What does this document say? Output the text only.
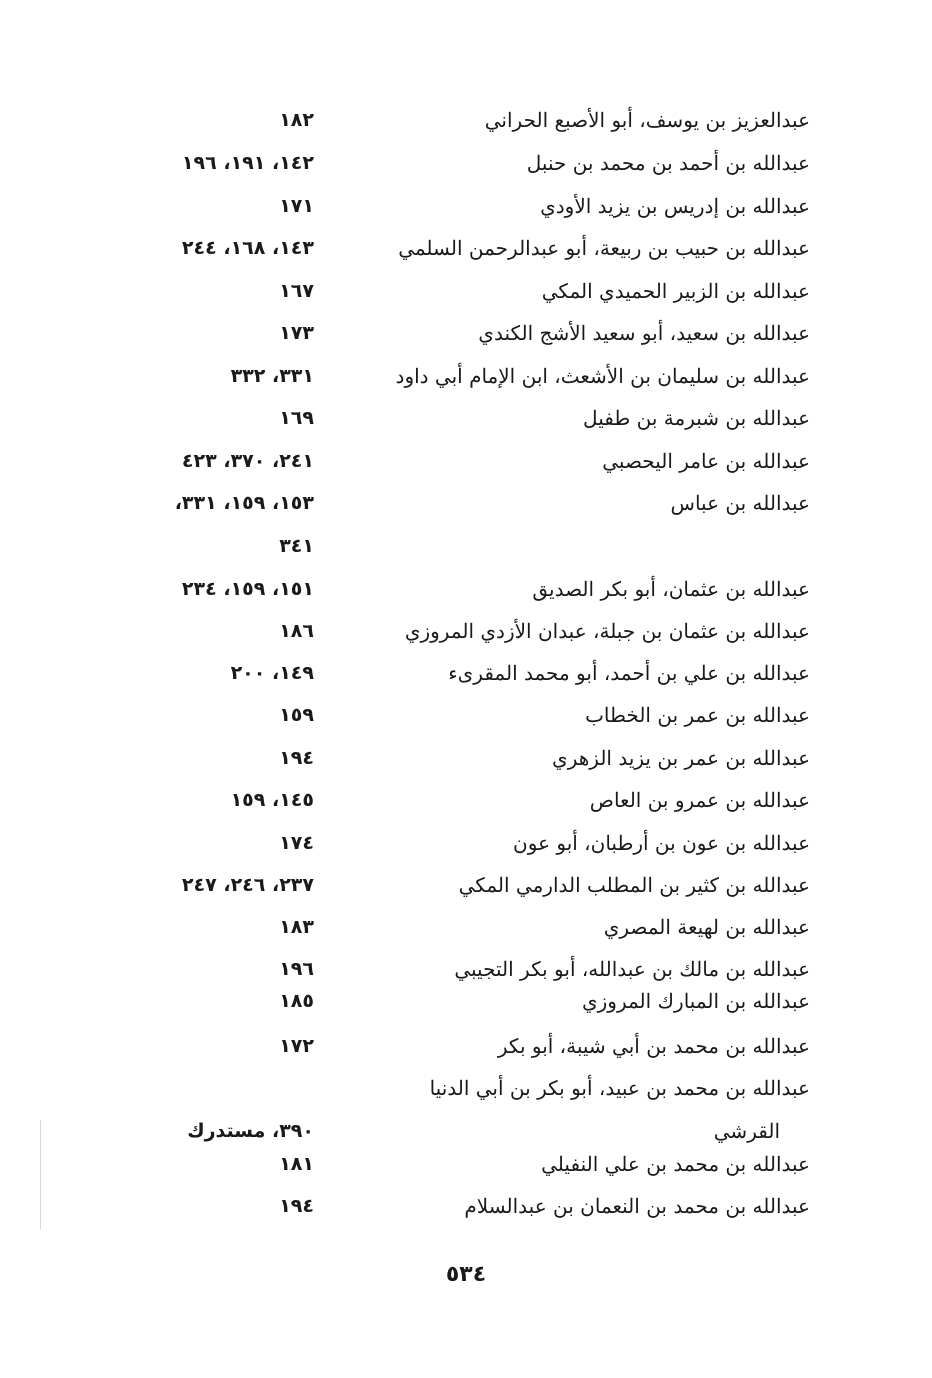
عبدالعزيز بن يوسف، أبو الأصبع الحراني
١٨٢
عبدالله بن أحمد بن محمد بن حنبل
١٤٢، ١٩١، ١٩٦
عبدالله بن إدريس بن يزيد الأودي
١٧١
عبدالله بن حبيب بن ربيعة، أبو عبدالرحمن السلمي
١٤٣، ١٦٨، ٢٤٤
عبدالله بن الزبير الحميدي المكي
١٦٧
عبدالله بن سعيد، أبو سعيد الأشج الكندي
١٧٣
عبدالله بن سليمان بن الأشعث، ابن الإمام أبي داود
٣٣١، ٣٣٢
عبدالله بن شبرمة بن طفيل
١٦٩
عبدالله بن عامر اليحصبي
٢٤١، ٣٧٠، ٤٢٣
عبدالله بن عباس
١٥٣، ١٥٩، ٣٣١،
٣٤١
عبدالله بن عثمان، أبو بكر الصديق
١٥١، ١٥٩، ٢٣٤
عبدالله بن عثمان بن جبلة، عبدان الأزدي المروزي
١٨٦
عبدالله بن علي بن أحمد، أبو محمد المقرىء
١٤٩، ٢٠٠
عبدالله بن عمر بن الخطاب
١٥٩
عبدالله بن عمر بن يزيد الزهري
١٩٤
عبدالله بن عمرو بن العاص
١٤٥، ١٥٩
عبدالله بن عون بن أرطبان، أبو عون
١٧٤
عبدالله بن كثير بن المطلب الدارمي المكي
٢٣٧، ٢٤٦، ٢٤٧
عبدالله بن لهيعة المصري
١٨٣
عبدالله بن مالك بن عبدالله، أبو بكر التجيبي
١٩٦
عبدالله بن المبارك المروزي
١٨٥
عبدالله بن محمد بن أبي شيبة، أبو بكر
١٧٢
عبدالله بن محمد بن عبيد، أبو بكر بن أبي الدنيا
القرشي
٣٩٠، مستدرك
عبدالله بن محمد بن علي النفيلي
١٨١
عبدالله بن محمد بن النعمان بن عبدالسلام
١٩٤
٥٣٤
